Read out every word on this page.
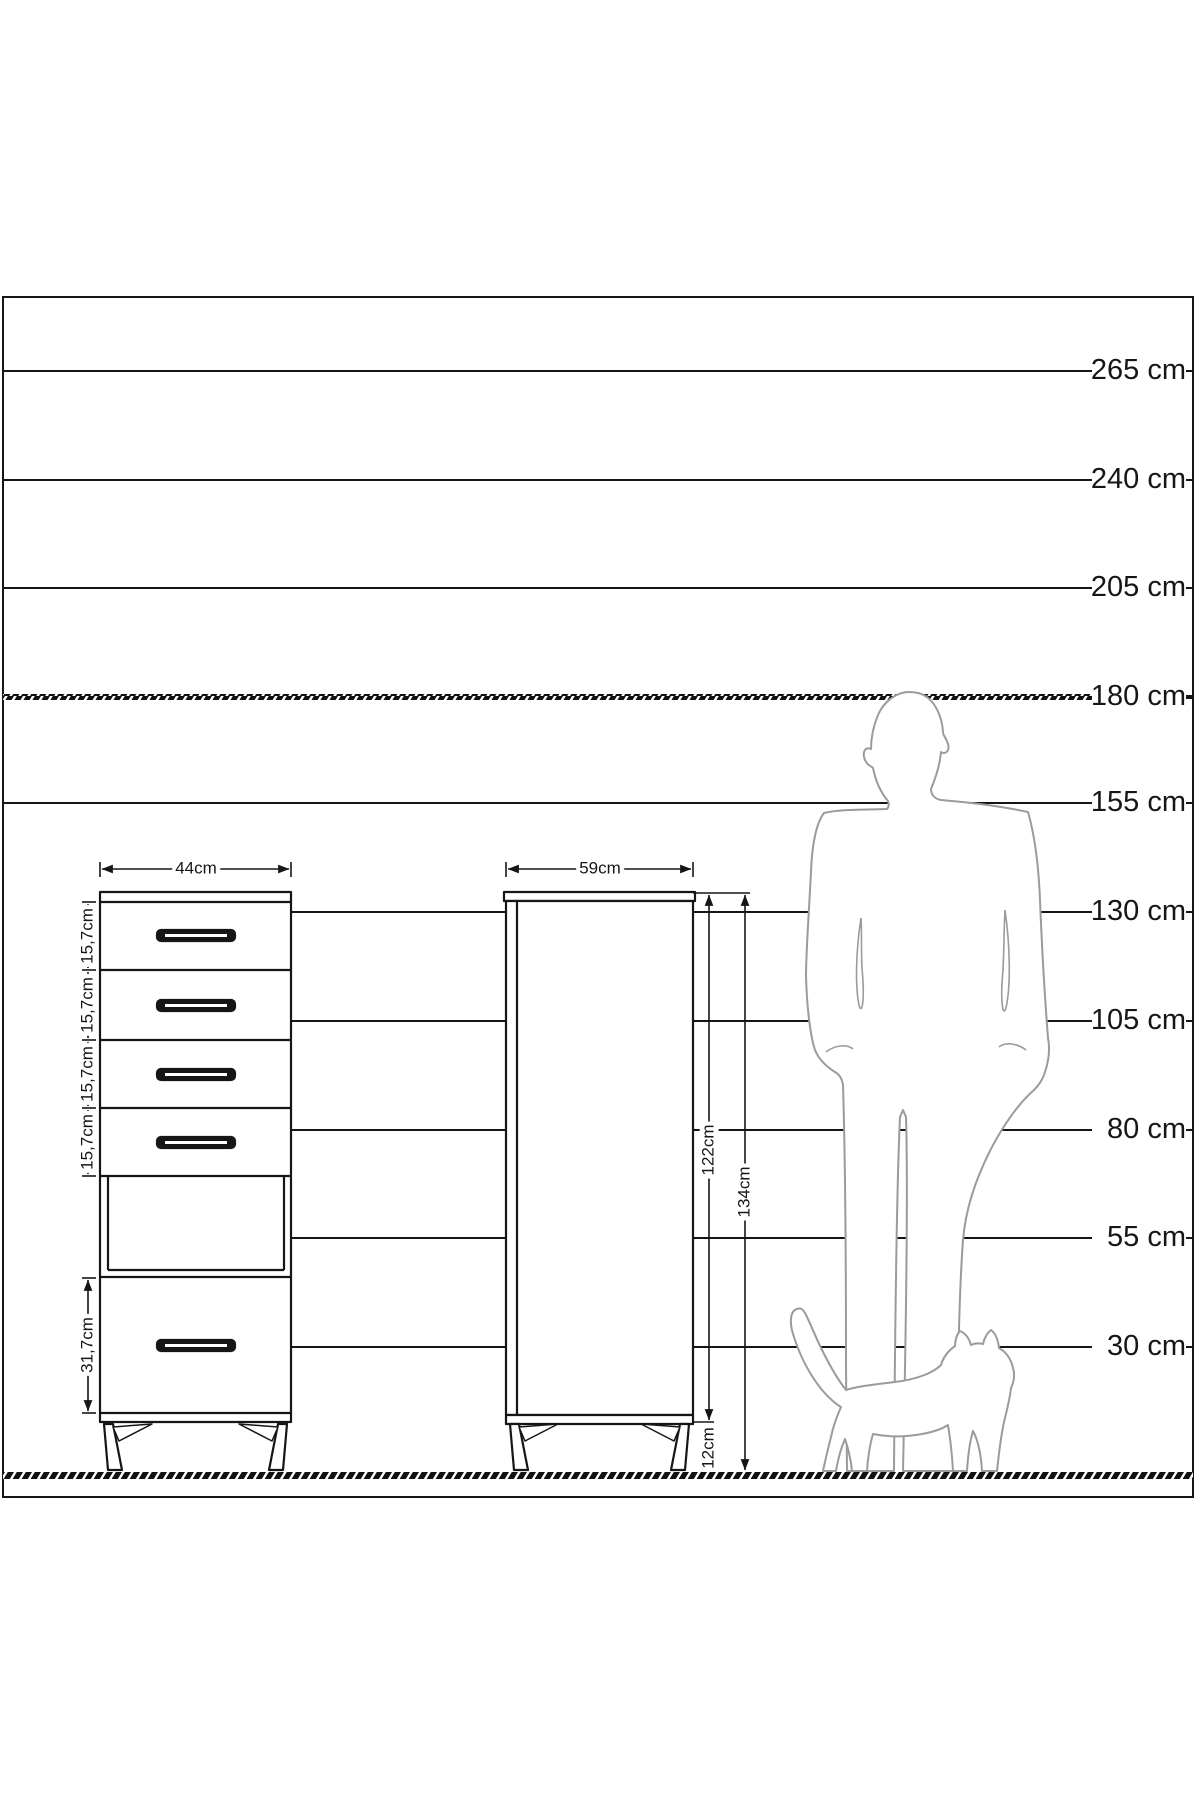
265 cm
240 cm
205 cm
180 cm
155 cm
130 cm
105 cm
80 cm
55 cm
30 cm
44cm	59cm
15,7cm
15,7cm
15,7cm
15,7cm
31,7cm
122cm
12cm
134cm
